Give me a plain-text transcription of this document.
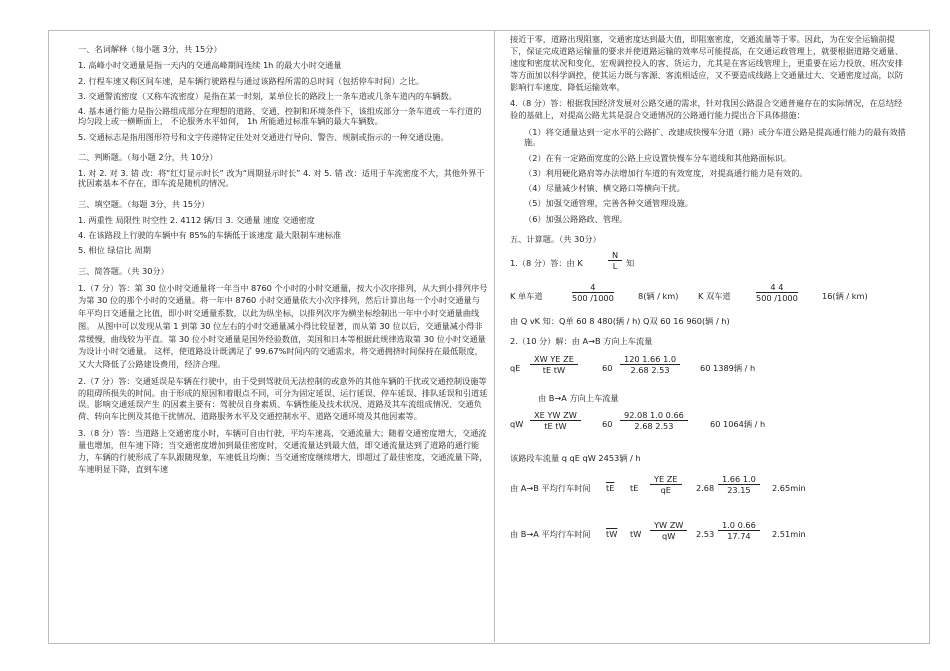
一、名词解释（每小题 3分，共 15分）
1. 高峰小时交通量是指一天内的交通高峰期间连续 1h 的最大小时交通量
2. 行程车速又称区间车速，是车辆行驶路程与通过该路程所需的总时间（包括停车时间）之比。
3. 交通警流密度（又称车流密度）是指在某一时刻，某单位长的路段上一条车道或几条车道内的车辆数。
4. 基本通行能力是指公路组成部分在理想的道路、交通、控制和环境条件下，该组成部分一条车道或一车行道的均匀段上或一横断面上， 不论服务水平如何， 1h 所能通过标准车辆的最大车辆数。
5. 交通标志是指用图形符号和文字传递特定住处对交通进行导向、警告、规制或指示的一种交通设施。
二、判断题。（每小题 2分，共 10分）
1. 对 2. 对 3. 错 改：将“红灯显示时长” 改为“周期显示时长” 4. 对 5. 错 改：适用于车流密度不大，其他外界干扰因素基本不存在，即车流是随机的情况。
三、填空题。（每题 3分，共 15分）
1. 两重性 局限性 时空性 2. 4112 辆/日 3. 交通量 速度 交通密度
4. 在该路段上行驶的车辆中有 85%的车辆低于该速度 最大限制车速标准
5. 相位 绿信比 周期
三、简答题。（共 30分）
1.（7 分）答：第 30 位小时交通量将一年当中 8760 个小时的小时交通量，按大小次序排列，从大到小排列序号为第 30 位的那个小时的交通量。将一年中 8760 小时交通量依大小次序排列，然后计算出每一个小时交通量与年平均日交通量之比值，即小时交通量系数，以此为纵坐标，以排列次序为横坐标绘制出一年中小时交通量曲线图。 从图中可以发现从第 1 到第 30 位左右的小时交通量减小得比较显著，而从第 30 位以后，交通量减小得非常缓慢，曲线较为平直。第 30 位小时交通量是国外经验数值，美国和日本等根据此规律选取第 30 位小时交通量为设计小时交通量。 这样，使道路设计既满足了 99.67%时间内的交通需求，将交通拥挤时间保持在最低限度，又大大降低了公路建设费用，经济合理。
2.（7 分）答：交通延误是车辆在行驶中，由于受到驾驶员无法控制的或意外的其他车辆的干扰或交通控制设施等的阻碍所损失的时间。由于形成的原因和着眼点不同，可分为固定延误、运行延误、停车延误、排队延误和引道延误。影响交通延误产生 的因素主要有：驾驶员自身素质、车辆性能及技术状况、道路及其车流组成情况、交通负荷、转向车比例及其他干扰情况、道路服务水平及交通控制水平、道路交通环境及其他因素等。
3.（8 分）答：当道路上交通密度小时，车辆可自由行驶，平均车速高，交通流量大；随着交通密度增大，交通流量也增加，但车速下降；当交通密度增加到最佳密度时，交通流量达到最大值，即交通流量达到了道路的通行能力，车辆的行驶形成了车队跟随现象，车速低且均衡；当交通密度继续增大，即超过了最佳密度，交通流量下降，车速明显下降，直到车速
接近于零，道路出现阻塞，交通密度达到最大值，即阻塞密度，交通流量等于零。因此，为在安全运输前提下，保证完成道路运输量的要求并使道路运输的效率尽可能提高，在交通运政管理上，就要根据道路交通量、速度和密度状况和变化，宏观调控投入的客、货运力，尤其是在客运线管理上，更重要在运力投放、班次安排等方面加以科学调控，使其运力既与客源、客流相适应，又不要造成线路上交通量过大、交通密度过高，以防影响行车速度、降低运输效率。
4.（8 分）答：根据我国经济发展对公路交通的需求，针对我国公路混合交通普遍存在的实际情况，在总结经验的基础上，对提高公路尤其是混合交通情况的公路通行能力提出合下具体措施：
（1）将交通量达到一定水平的公路扩、改建成快慢车分道（路）或分车道公路是提高通行能力的最有效措施。
（2）在有一定路面宽度的公路上应设置快慢车分车道线和其他路面标识。
（3）利用硬化路肩等办法增加行车道的有效宽度，对提高通行能力是有效的。
（4）尽量减少村镇、横交路口等横向干扰。
（5）加强交通管理，完善各种交通管理设施。
（6）加强公路路政、管理。
五、计算题。（共 30分）
1.（8 分）答：由 K	$\frac{N}{L}$ 知
K 单车道	$\frac{4}{500 /1000}$	8(辆 / km) K 双车道	$\frac{4 4}{500 /1000}$	16(辆 / km)
由 Q vK 知：Q单 60 8 480(辆 / h) Q双 60 16 960(辆 / h)
2.（10 分）解：由 A→B 方向上车流量
qE $\frac{\text{XW YE ZE}}{\text{tE tW}}$	$60 \frac{120 1.66 1.0}{2.68 2.53} 60$ 1389辆 / h
由 B→A 方向上车流量
qW $\frac{\text{XE YW ZW}}{\text{tE tW}}$	$60 \frac{92.08 1.0 0.66}{2.68 2.53}$	60 1064辆 / h
该路段车流量 q qE qW 2453辆 / h
由 A→B 平均行车时间 $\overline{tE}$ tE $\frac{\text{YE ZE}}{qE} 2.68 \frac{1.66 1.0}{23.15} 2.65\min$
由 B→A 平均行车时间 $\overline{tW}$ tW $\frac{\text{YW ZW}}{qW} 2.53 \frac{1.0 0.66}{17.74} 2.51\min$
